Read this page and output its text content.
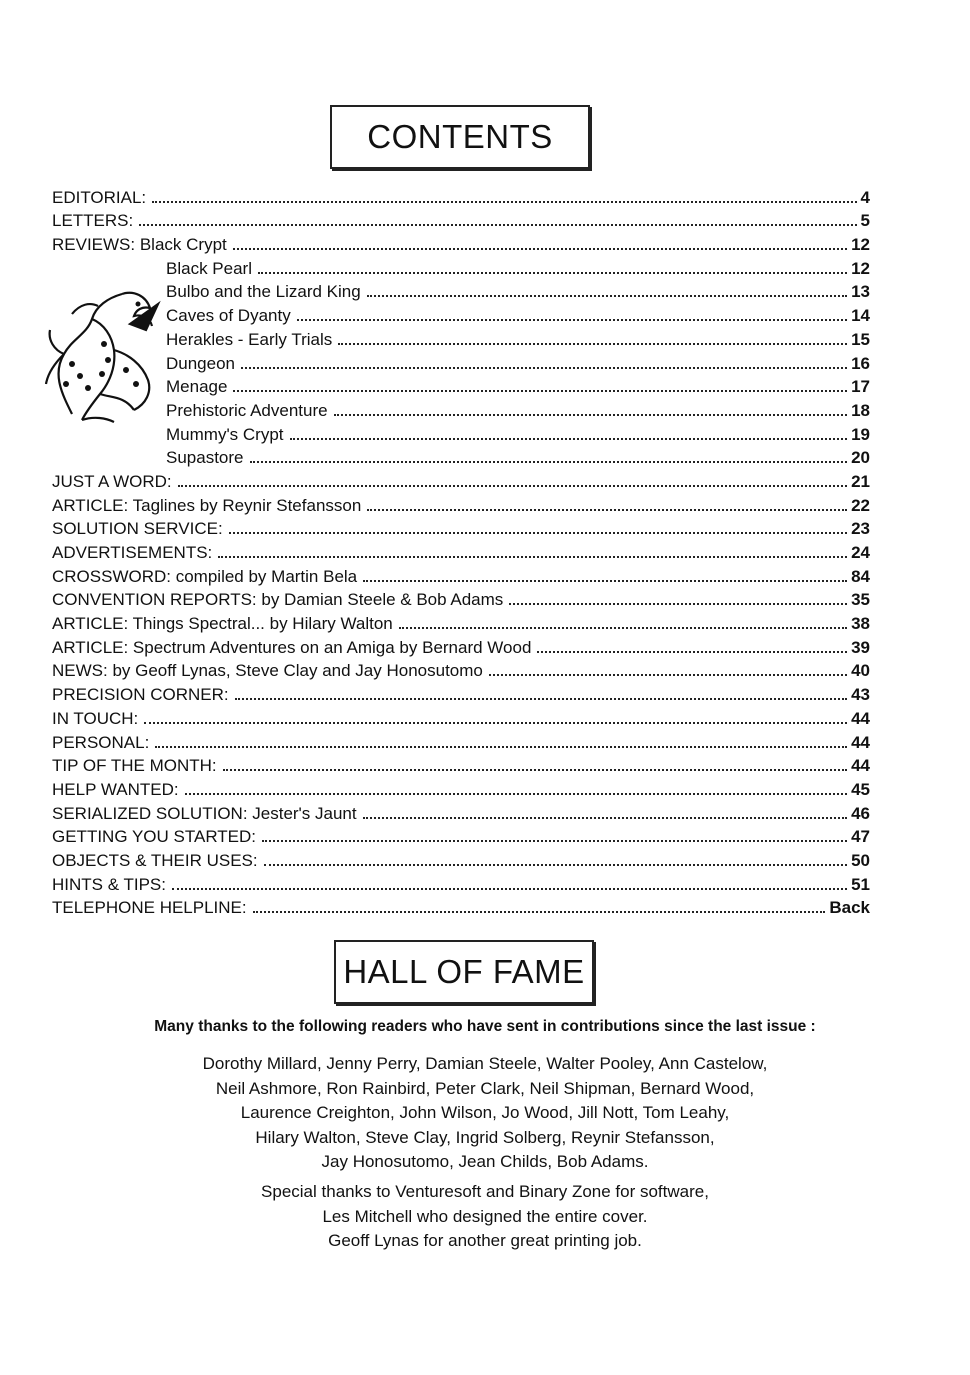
CONTENTS
EDITORIAL:	4
LETTERS:	5
REVIEWS: Black Crypt	12
Black Pearl	12
Bulbo and the Lizard King	13
Caves of Dyanty	14
Herakles - Early Trials	15
Dungeon	16
Menage	17
Prehistoric Adventure	18
Mummy's Crypt	19
Supastore	20
JUST A WORD:	21
ARTICLE: Taglines by Reynir Stefansson	22
SOLUTION SERVICE:	23
ADVERTISEMENTS:	24
CROSSWORD: compiled by Martin Bela	84
CONVENTION REPORTS: by Damian Steele & Bob Adams	35
ARTICLE: Things Spectral... by Hilary Walton	38
ARTICLE: Spectrum Adventures on an Amiga by Bernard Wood	39
NEWS: by Geoff Lynas, Steve Clay and Jay Honosutomo	40
PRECISION CORNER:	43
IN TOUCH:	44
PERSONAL:	44
TIP OF THE MONTH:	44
HELP WANTED:	45
SERIALIZED SOLUTION: Jester's Jaunt	46
GETTING YOU STARTED:	47
OBJECTS & THEIR USES:	50
HINTS & TIPS:	51
TELEPHONE HELPLINE:	Back
HALL OF FAME
Many thanks to the following readers who have sent in contributions since the last issue :
Dorothy Millard, Jenny Perry, Damian Steele, Walter Pooley, Ann Castelow,
Neil Ashmore, Ron Rainbird, Peter Clark, Neil Shipman, Bernard Wood,
Laurence Creighton, John Wilson, Jo Wood, Jill Nott, Tom Leahy,
Hilary Walton, Steve Clay, Ingrid Solberg, Reynir Stefansson,
Jay Honosutomo, Jean Childs, Bob Adams.
Special thanks to Venturesoft and Binary Zone for software,
Les Mitchell who designed the entire cover.
Geoff Lynas for another great printing job.
